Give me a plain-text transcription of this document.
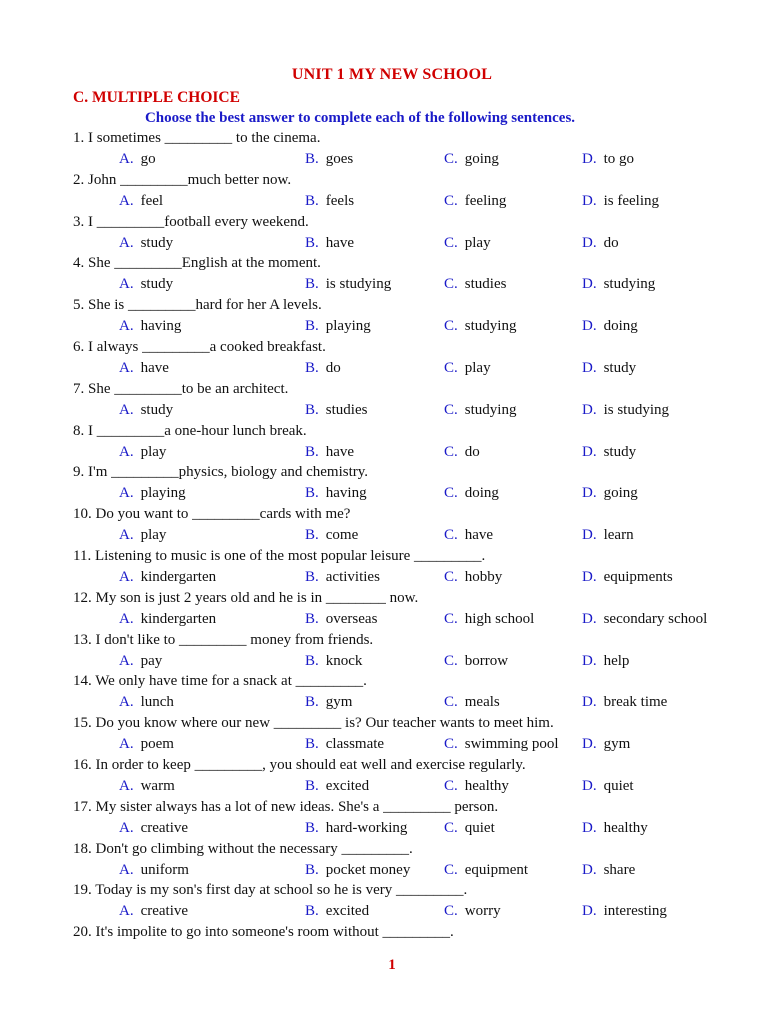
UNIT 1 MY NEW SCHOOL
C. MULTIPLE CHOICE
Choose the best answer to complete each of the following sentences.
1. I sometimes _________ to the cinema.
A. go	B. goes	C. going	D. to go
2. John _________much better now.
A. feel	B. feels	C. feeling	D. is feeling
3. I _________football every weekend.
A. study	B. have	C. play	D. do
4. She _________English at the moment.
A. study	B. is studying	C. studies	D. studying
5. She is _________hard for her A levels.
A. having	B. playing	C. studying	D. doing
6. I always _________a cooked breakfast.
A. have	B. do	C. play	D. study
7. She _________to be an architect.
A. study	B. studies	C. studying	D. is studying
8. I _________a one-hour lunch break.
A. play	B. have	C. do	D. study
9. I'm _________physics, biology and chemistry.
A. playing	B. having	C. doing	D. going
10. Do you want to _________cards with me?
A. play	B. come	C. have	D. learn
11. Listening to music is one of the most popular leisure _________.
A. kindergarten	B. activities	C. hobby	D. equipments
12. My son is just 2 years old and he is in ________ now.
A. kindergarten	B. overseas	C. high school	D. secondary school
13. I don't like to _________ money from friends.
A. pay	B. knock	C. borrow	D. help
14. We only have time for a snack at _________.
A. lunch	B. gym	C. meals	D. break time
15. Do you know where our new _________ is? Our teacher wants to meet him.
A. poem	B. classmate	C. swimming pool D. gym
16. In order to keep _________, you should eat well and exercise regularly.
A. warm	B. excited	C. healthy	D. quiet
17. My sister always has a lot of new ideas. She's a _________ person.
A. creative	B. hard-working C. quiet	D. healthy
18. Don't go climbing without the necessary _________.
A. uniform	B. pocket money C. equipment	D. share
19. Today is my son's first day at school so he is very _________.
A. creative	B. excited	C. worry	D. interesting
20. It's impolite to go into someone's room without _________.
1
